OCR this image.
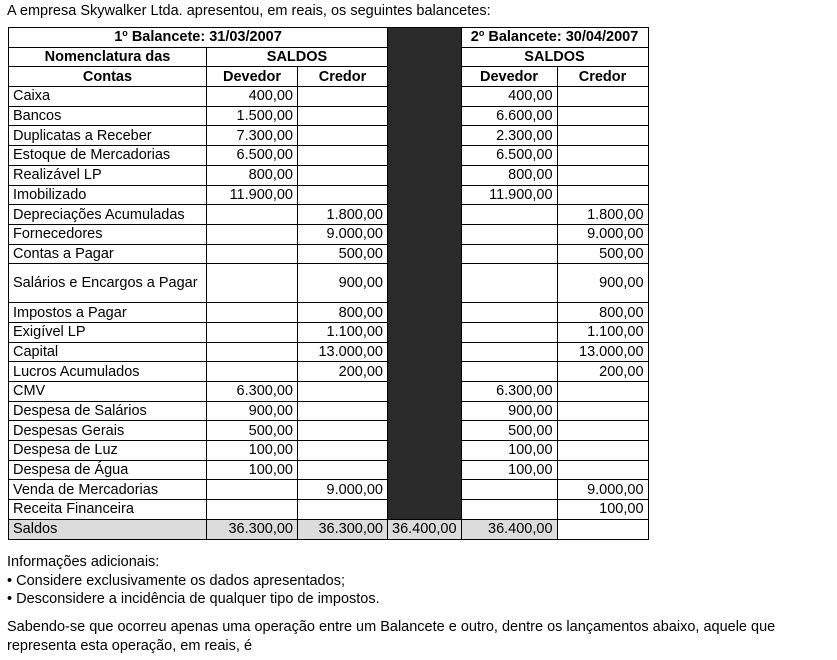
A empresa Skywalker Ltda. apresentou, em reais, os seguintes balancetes:
1$^o$ Balancete: 31/03/2007				2$^o$ Balancete: 30/04/2007	
Nomenclatura das	SALDOS			SALDOS	
Contas	Devedor	Credor		Devedor	Credor
Caixa	400,00			400,00	
Bancos	1.500,00			6.600,00	
Duplicatas a Receber	7.300,00			2.300,00	
Estoque de Mercadorias	6.500,00			6.500,00	
Realizável LP	800,00			800,00	
Imobilizado	11.900,00			11.900,00	
Depreciações Acumuladas		1.800,00			1.800,00
Fornecedores		9.000,00			9.000,00
Contas a Pagar		500,00			500,00
Salários e Encargos a Pagar		900,00			900,00
Impostos a Pagar		800,00			800,00
Exigível LP		1.100,00			1.100,00
Capital		13.000,00			13.000,00
Lucros Acumulados		200,00			200,00
CMV	6.300,00			6.300,00	
Despesa de Salários	900,00			900,00	
Despesas Gerais	500,00			500,00	
Despesa de Luz	100,00			100,00	
Despesa de Água	100,00			100,00	
Venda de Mercadorias		9.000,00			9.000,00
Receita Financeira					100,00
Saldos	36.300,00	36.300,00	36.400,00	36.400,00	
Informações adicionais:
• Considere exclusivamente os dados apresentados;
• Desconsidere a incidência de qualquer tipo de impostos.
Sabendo-se que ocorreu apenas uma operação entre um Balancete e outro, dentre os lançamentos abaixo, aquele que representa esta operação, em reais, é
